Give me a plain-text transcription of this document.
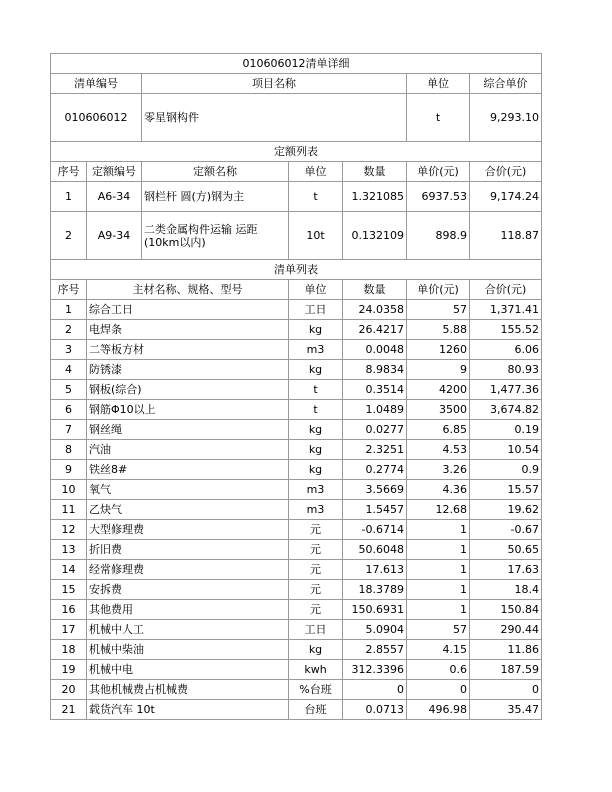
010606012清单详细						
清单编号		项目名称			单位	综合单价
010606012		零星钢构件			t	9,293.10
定额列表						
序号	定额编号	定额名称	单位	数量	单价(元)	合价(元)
1	A6-34	钢栏杆 圆(方)钢为主	t	1.321085	6937.53	9,174.24
2	A9-34	二类金属构件运输 运距(10km以内)	10t	0.132109	898.9	118.87
清单列表						
序号	主材名称、规格、型号		单位	数量	单价(元)	合价(元)
1	综合工日		工日	24.0358	57	1,371.41
2	电焊条		kg	26.4217	5.88	155.52
3	二等板方材		m3	0.0048	1260	6.06
4	防锈漆		kg	8.9834	9	80.93
5	钢板(综合)		t	0.3514	4200	1,477.36
6	钢筋Φ10以上		t	1.0489	3500	3,674.82
7	钢丝绳		kg	0.0277	6.85	0.19
8	汽油		kg	2.3251	4.53	10.54
9	铁丝8#		kg	0.2774	3.26	0.9
10	氧气		m3	3.5669	4.36	15.57
11	乙炔气		m3	1.5457	12.68	19.62
12	大型修理费		元	-0.6714	1	-0.67
13	折旧费		元	50.6048	1	50.65
14	经常修理费		元	17.613	1	17.63
15	安拆费		元	18.3789	1	18.4
16	其他费用		元	150.6931	1	150.84
17	机械中人工		工日	5.0904	57	290.44
18	机械中柴油		kg	2.8557	4.15	11.86
19	机械中电		kwh	312.3396	0.6	187.59
20	其他机械费占机械费		%台班	0	0	0
21	载货汽车 10t		台班	0.0713	496.98	35.47
